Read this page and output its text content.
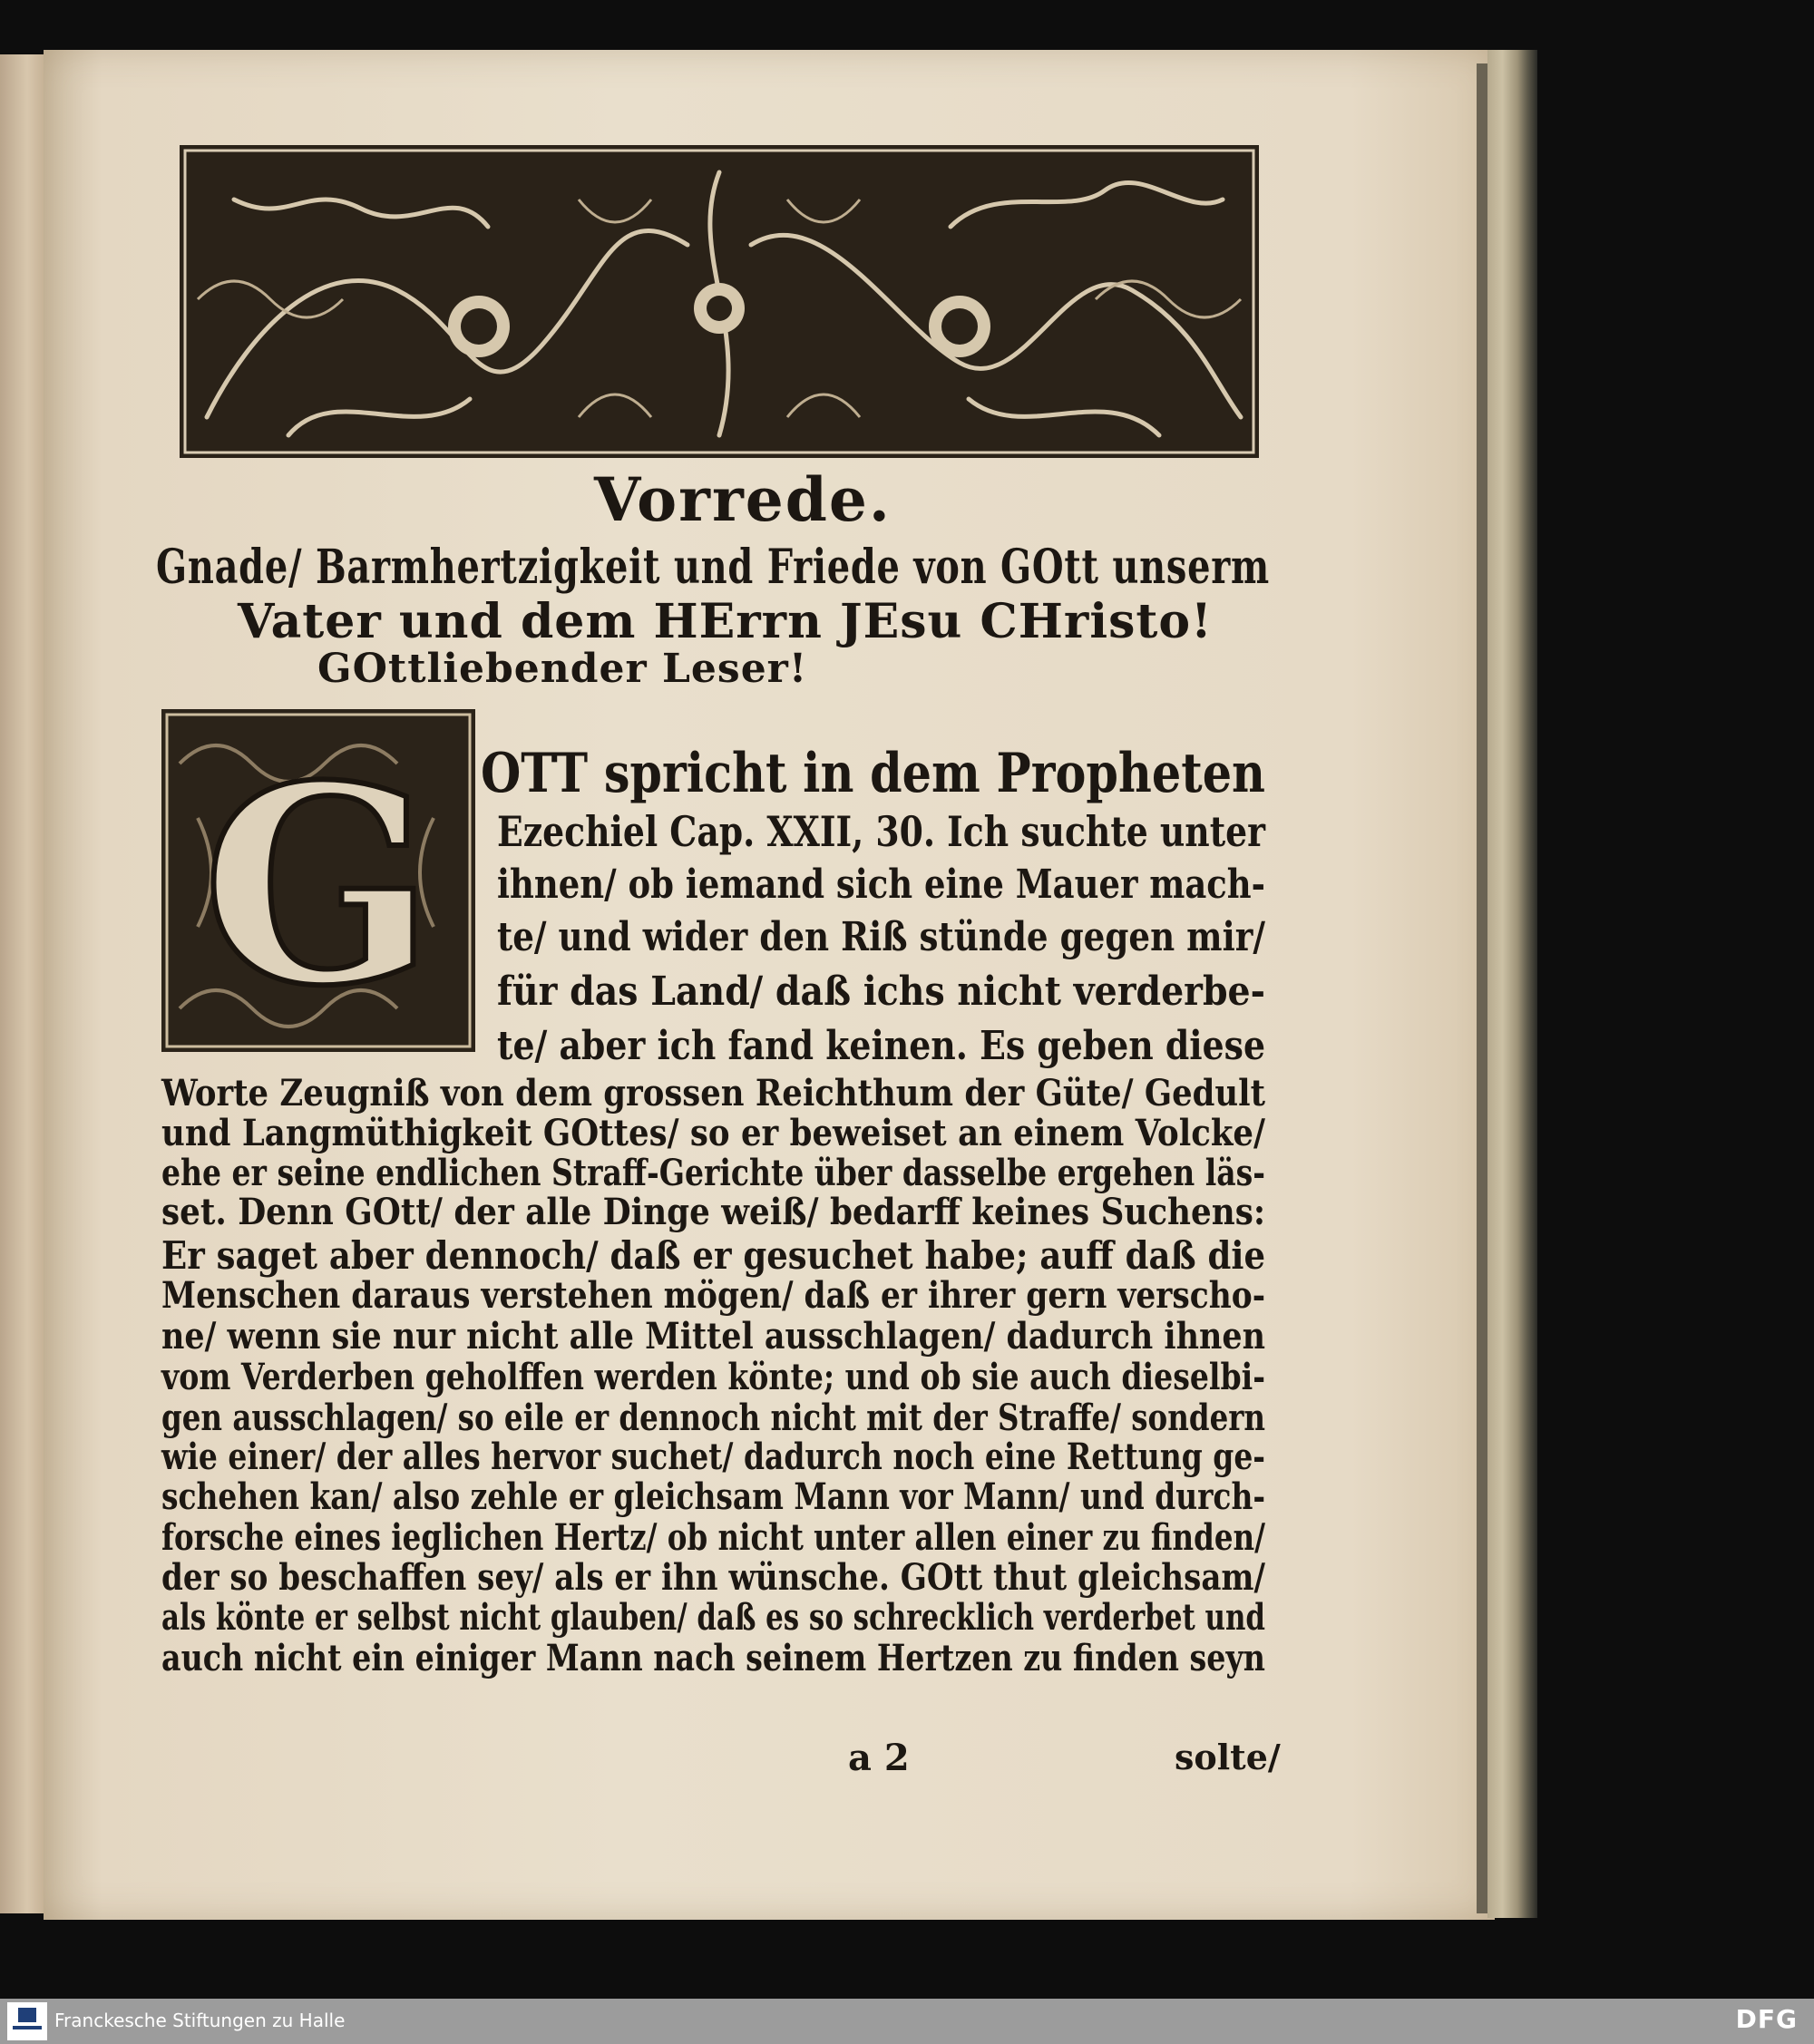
Vorrede.
Gnade/ Barmhertzigkeit und Friede von GOtt unserm
Vater und dem HErrn JEsu CHristo!
GOttliebender Leser!
G OTT spricht in dem Propheten
Ezechiel Cap. XXII, 30. Ich suchte unter
ihnen/ ob iemand sich eine Mauer mach-
te/ und wider den Riß stünde gegen mir/
für das Land/ daß ichs nicht verderbe-
te/ aber ich fand keinen. Es geben diese
Worte Zeugniß von dem grossen Reichthum der Güte/ Gedult
und Langmüthigkeit GOttes/ so er beweiset an einem Volcke/
ehe er seine endlichen Straff-Gerichte über dasselbe ergehen läs-
set. Denn GOtt/ der alle Dinge weiß/ bedarff keines Suchens:
Er saget aber dennoch/ daß er gesuchet habe; auff daß die
Menschen daraus verstehen mögen/ daß er ihrer gern verscho-
ne/ wenn sie nur nicht alle Mittel ausschlagen/ dadurch ihnen
vom Verderben geholffen werden könte; und ob sie auch dieselbi-
gen ausschlagen/ so eile er dennoch nicht mit der Straffe/ sondern
wie einer/ der alles hervor suchet/ dadurch noch eine Rettung ge-
schehen kan/ also zehle er gleichsam Mann vor Mann/ und durch-
forsche eines ieglichen Hertz/ ob nicht unter allen einer zu finden/
der so beschaffen sey/ als er ihn wünsche. GOtt thut gleichsam/
als könte er selbst nicht glauben/ daß es so schrecklich verderbet und
auch nicht ein einiger Mann nach seinem Hertzen zu finden seyn
a 2	solte/
Franckesche Stiftungen zu Halle	DFG
